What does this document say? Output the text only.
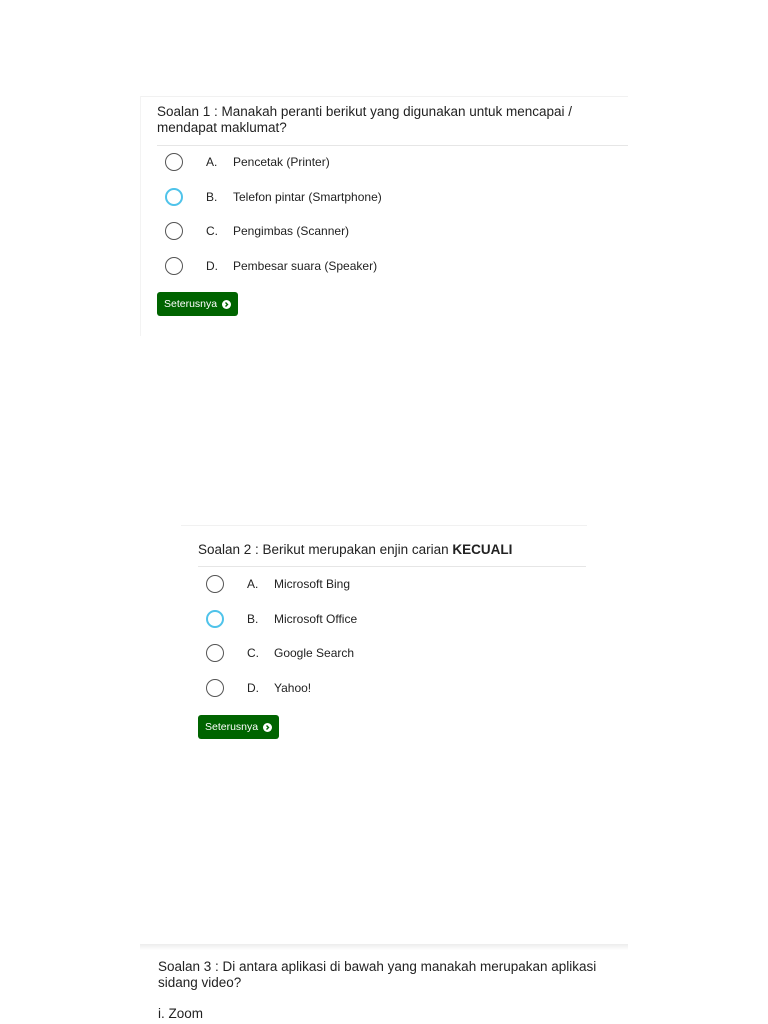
Soalan 1 : Manakah peranti berikut yang digunakan untuk mencapai / mendapat maklumat?
A. Pencetak (Printer)
B. Telefon pintar (Smartphone)
C. Pengimbas (Scanner)
D. Pembesar suara (Speaker)
Seterusnya
Soalan 2 : Berikut merupakan enjin carian KECUALI
A. Microsoft Bing
B. Microsoft Office
C. Google Search
D. Yahoo!
Seterusnya
Soalan 3 : Di antara aplikasi di bawah yang manakah merupakan aplikasi sidang video?
i. Zoom
